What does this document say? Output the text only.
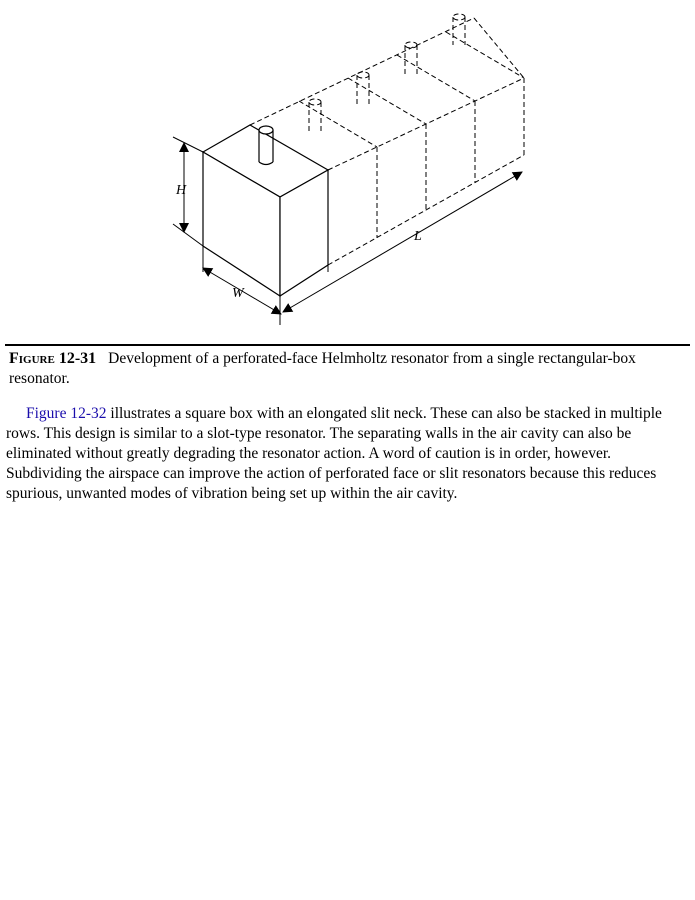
H
W
L
Figure 12-31 Development of a perforated-face Helmholtz resonator from a single rectangular-box resonator.

Figure 12-32 illustrates a square box with an elongated slit neck. These can also be stacked in multiple rows. This design is similar to a slot-type resonator. The separating walls in the air cavity can also be eliminated without greatly degrading the resonator action. A word of caution is in order, however. Subdividing the airspace can improve the action of perforated face or slit resonators because this reduces spurious, unwanted modes of vibration being set up within the air cavity.
